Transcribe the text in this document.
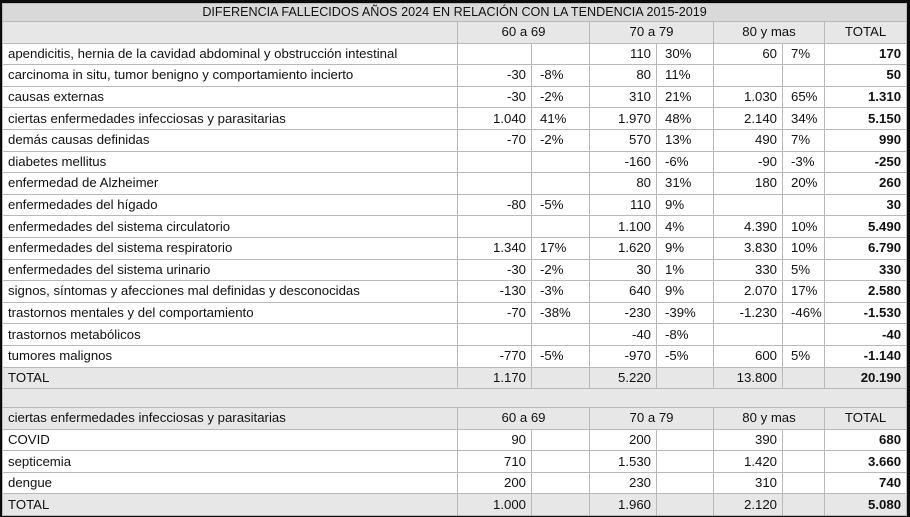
DIFERENCIA FALLECIDOS AÑOS 2024 EN RELACIÓN CON LA TENDENCIA 2015-2019							
	60 a 69		70 a 79		80 y mas		TOTAL
apendicitis, hernia de la cavidad abdominal y obstrucción intestinal			110	30%	60	7%	170
carcinoma in situ, tumor benigno y comportamiento incierto	-30	-8%	80	11%			50
causas externas	-30	-2%	310	21%	1.030	65%	1.310
ciertas enfermedades infecciosas y parasitarias	1.040	41%	1.970	48%	2.140	34%	5.150
demás causas definidas	-70	-2%	570	13%	490	7%	990
diabetes mellitus			-160	-6%	-90	-3%	-250
enfermedad de Alzheimer			80	31%	180	20%	260
enfermedades del hígado	-80	-5%	110	9%			30
enfermedades del sistema circulatorio			1.100	4%	4.390	10%	5.490
enfermedades del sistema respiratorio	1.340	17%	1.620	9%	3.830	10%	6.790
enfermedades del sistema urinario	-30	-2%	30	1%	330	5%	330
signos, síntomas y afecciones mal definidas y desconocidas	-130	-3%	640	9%	2.070	17%	2.580
trastornos mentales y del comportamiento	-70	-38%	-230	-39%	-1.230	-46%	-1.530
trastornos metabólicos			-40	-8%			-40
tumores malignos	-770	-5%	-970	-5%	600	5%	-1.140
TOTAL	1.170		5.220		13.800		20.190

ciertas enfermedades infecciosas y parasitarias	60 a 69		70 a 79		80 y mas		TOTAL
COVID	90		200		390		680
septicemia	710		1.530		1.420		3.660
dengue	200		230		310		740
TOTAL	1.000		1.960		2.120		5.080
